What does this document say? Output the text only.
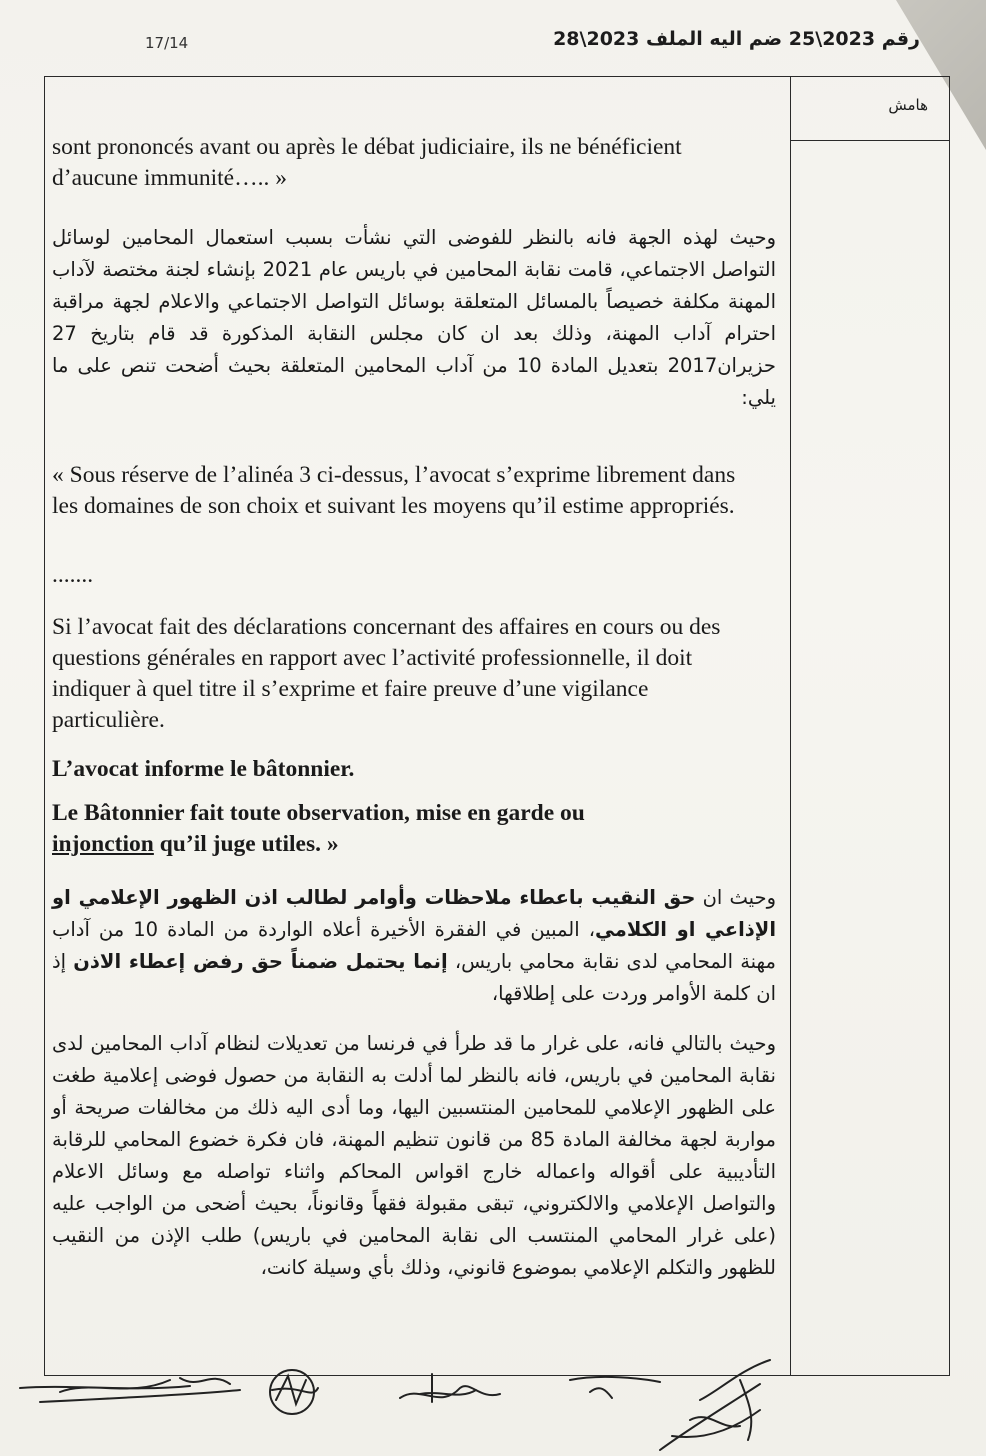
رقم 2023\25 ضم اليه الملف 2023\28
17/14
هامش
sont prononcés avant ou après le débat judiciaire, ils ne bénéficient d’aucune immunité….. »
وحيث لهذه الجهة فانه بالنظر للفوضى التي نشأت بسبب استعمال المحامين لوسائل التواصل الاجتماعي، قامت نقابة المحامين في باريس عام 2021 بإنشاء لجنة مختصة لآداب المهنة مكلفة خصيصاً بالمسائل المتعلقة بوسائل التواصل الاجتماعي والاعلام لجهة مراقبة احترام آداب المهنة، وذلك بعد ان كان مجلس النقابة المذكورة قد قام بتاريخ 27 حزيران2017 بتعديل المادة 10 من آداب المحامين المتعلقة بحيث أضحت تنص على ما يلي:
« Sous réserve de l’alinéa 3 ci-dessus, l’avocat s’exprime librement dans les domaines de son choix et suivant les moyens qu’il estime appropriés.
.......
Si l’avocat fait des déclarations concernant des affaires en cours ou des questions générales en rapport avec l’activité professionnelle, il doit indiquer à quel titre il s’exprime et faire preuve d’une vigilance particulière.
L’avocat informe le bâtonnier.
Le Bâtonnier fait toute observation, mise en garde ou
injonction qu’il juge utiles. »
وحيث ان حق النقيب باعطاء ملاحظات وأوامر لطالب اذن الظهور الإعلامي او الإذاعي او الكلامي، المبين في الفقرة الأخيرة أعلاه الواردة من المادة 10 من آداب مهنة المحامي لدى نقابة محامي باريس، إنما يحتمل ضمناً حق رفض إعطاء الاذن إذ ان كلمة الأوامر وردت على إطلاقها،
وحيث بالتالي فانه، على غرار ما قد طرأ في فرنسا من تعديلات لنظام آداب المحامين لدى نقابة المحامين في باريس، فانه بالنظر لما أدلت به النقابة من حصول فوضى إعلامية طغت على الظهور الإعلامي للمحامين المنتسبين اليها، وما أدى اليه ذلك من مخالفات صريحة أو مواربة لجهة مخالفة المادة 85 من قانون تنظيم المهنة، فان فكرة خضوع المحامي للرقابة التأديبية على أقواله واعماله خارج اقواس المحاكم واثناء تواصله مع وسائل الاعلام والتواصل الإعلامي والالكتروني، تبقى مقبولة فقهاً وقانوناً، بحيث أضحى من الواجب عليه (على غرار المحامي المنتسب الى نقابة المحامين في باريس) طلب الإذن من النقيب للظهور والتكلم الإعلامي بموضوع قانوني، وذلك بأي وسيلة كانت،
